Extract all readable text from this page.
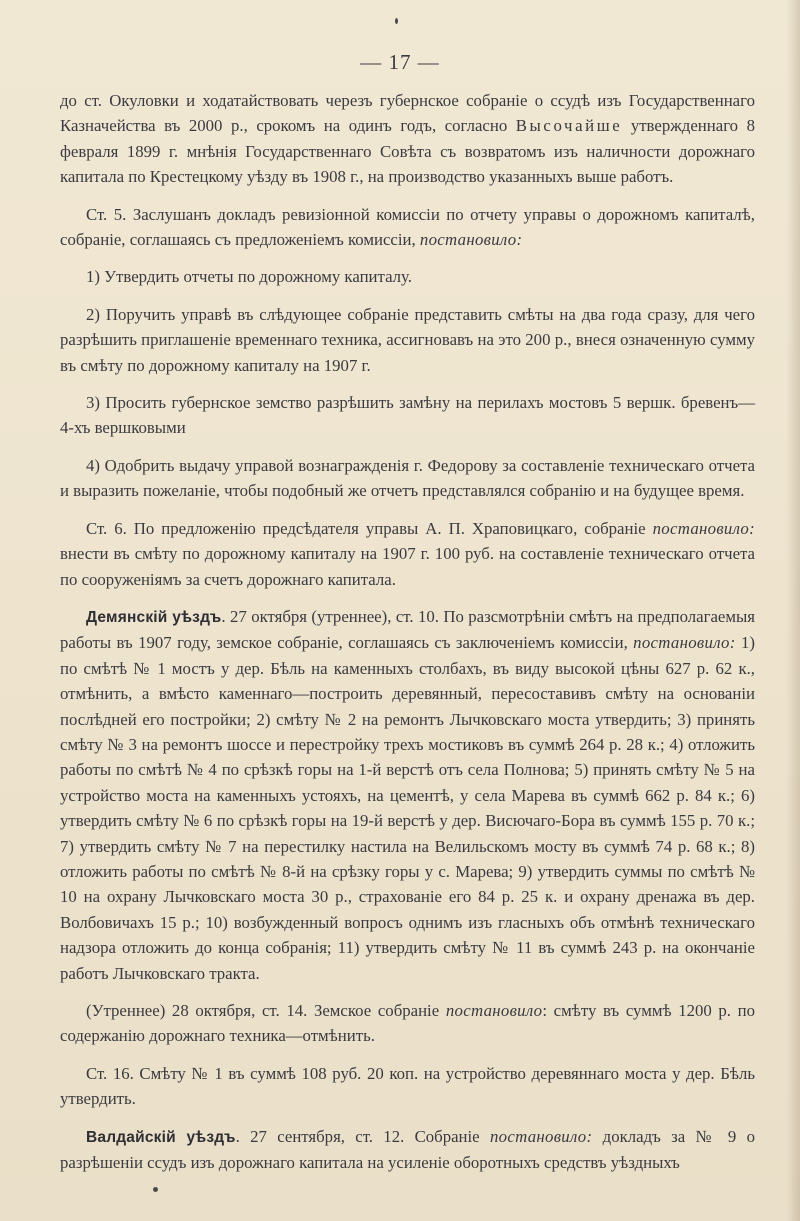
— 17 —

до ст. Окуловки и ходатайствовать черезъ губернское собраніе о ссудѣ изъ Государственнаго Казначейства въ 2000 р., срокомъ на одинъ годъ, согласно Высочайше утвержденнаго 8 февраля 1899 г. мнѣнія Государственнаго Совѣта съ возвратомъ изъ наличности дорожнаго капитала по Крестецкому уѣзду въ 1908 г., на производство указанныхъ выше работъ.

Ст. 5. Заслушанъ докладъ ревизіонной комиссіи по отчету управы о дорожномъ капиталѣ, собраніе, соглашаясь съ предложеніемъ комиссіи, постановило:

1) Утвердить отчеты по дорожному капиталу.

2) Поручить управѣ въ слѣдующее собраніе представить смѣты на два года сразу, для чего разрѣшить приглашеніе временнаго техника, ассигновавъ на это 200 р., внеся означенную сумму въ смѣту по дорожному капиталу на 1907 г.

3) Просить губернское земство разрѣшить замѣну на перилахъ мостовъ 5 вершк. бревенъ—4-хъ вершковыми

4) Одобрить выдачу управой вознагражденія г. Федорову за составленіе техническаго отчета и выразить пожеланіе, чтобы подобный же отчетъ представлялся собранію и на будущее время.

Ст. 6. По предложенію предсѣдателя управы А. П. Храповицкаго, собраніе постановило: внести въ смѣту по дорожному капиталу на 1907 г. 100 руб. на составленіе техническаго отчета по сооруженіямъ за счетъ дорожнаго капитала.

Демянскій уѣздъ. 27 октября (утреннее), ст. 10. По разсмотрѣніи смѣтъ на предполагаемыя работы въ 1907 году, земское собраніе, соглашаясь съ заключеніемъ комиссіи, постановило: 1) по смѣтѣ № 1 мостъ у дер. Бѣль на каменныхъ столбахъ, въ виду высокой цѣны 627 р. 62 к., отмѣнить, а вмѣсто каменнаго—построить деревянный, пересоставивъ смѣту на основаніи послѣдней его постройки; 2) смѣту № 2 на ремонтъ Лычковскаго моста утвердить; 3) принять смѣту № 3 на ремонтъ шоссе и перестройку трехъ мостиковъ въ суммѣ 264 р. 28 к.; 4) отложить работы по смѣтѣ № 4 по срѣзкѣ горы на 1-й верстѣ отъ села Полнова; 5) принять смѣту № 5 на устройство моста на каменныхъ устояхъ, на цементѣ, у села Марева въ суммѣ 662 р. 84 к.; 6) утвердить смѣту № 6 по срѣзкѣ горы на 19-й верстѣ у дер. Висючаго-Бора въ суммѣ 155 р. 70 к.; 7) утвердить смѣту № 7 на перестилку настила на Велильскомъ мосту въ суммѣ 74 р. 68 к.; 8) отложить работы по смѣтѣ № 8-й на срѣзку горы у с. Марева; 9) утвердить суммы по смѣтѣ № 10 на охрану Лычковскаго моста 30 р., страхованіе его 84 р. 25 к. и охрану дренажа въ дер. Волбовичахъ 15 р.; 10) возбужденный вопросъ однимъ изъ гласныхъ объ отмѣнѣ техническаго надзора отложить до конца собранія; 11) утвердить смѣту № 11 въ суммѣ 243 р. на окончаніе работъ Лычковскаго тракта.

(Утреннее) 28 октября, ст. 14. Земское собраніе постановило: смѣту въ суммѣ 1200 р. по содержанію дорожнаго техника—отмѣнить.

Ст. 16. Смѣту № 1 въ суммѣ 108 руб. 20 коп. на устройство деревяннаго моста у дер. Бѣль утвердить.

Валдайскій уѣздъ. 27 сентября, ст. 12. Собраніе постановило: докладъ за № 9 о разрѣшеніи ссудъ изъ дорожнаго капитала на усиленіе оборотныхъ средствъ уѣздныхъ
